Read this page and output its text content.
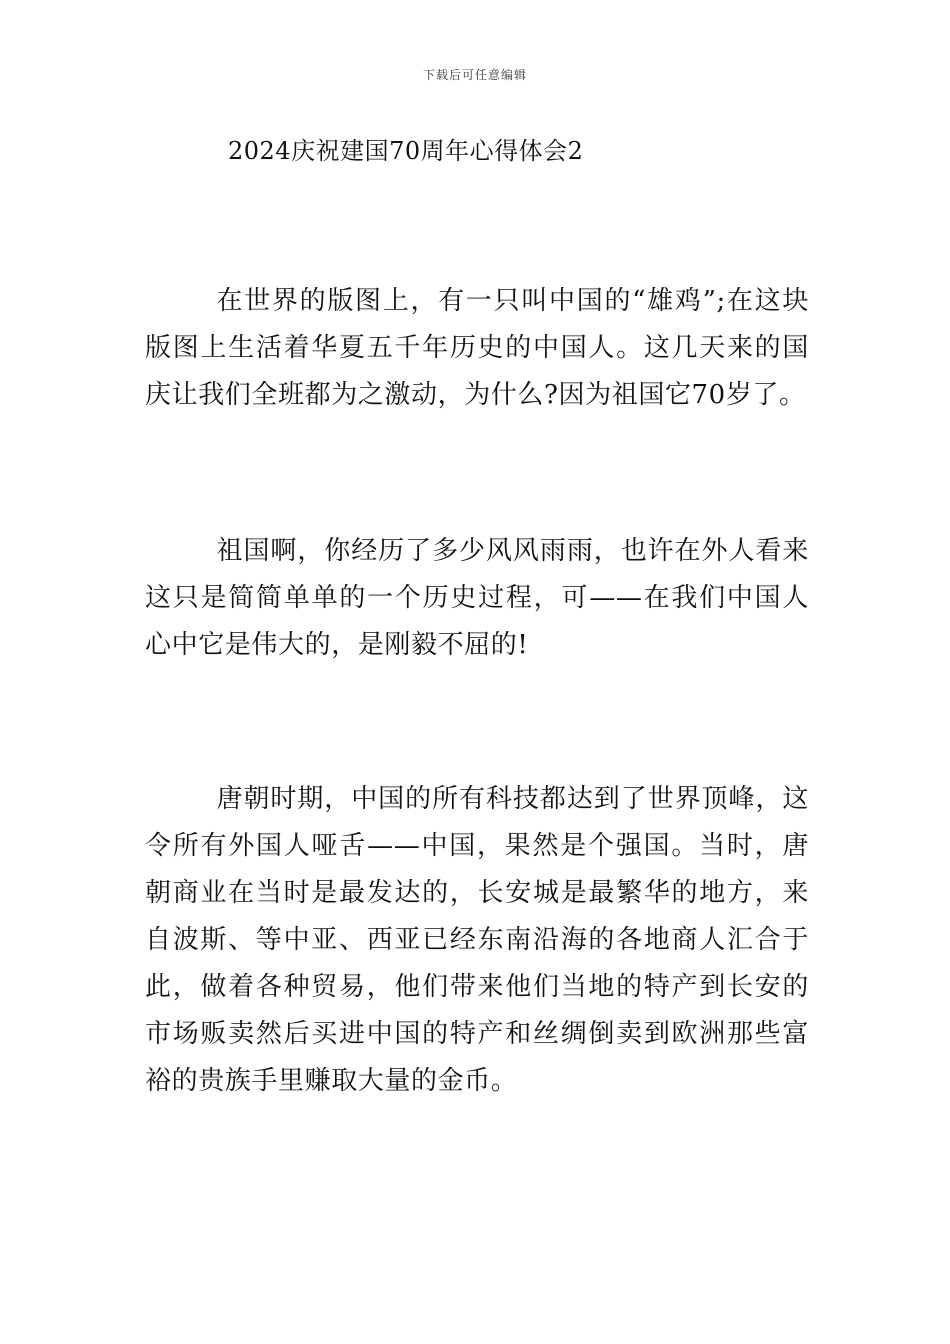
下载后可任意编辑
2024庆祝建国70周年心得体会2

在世界的版图上，有一只叫中国的“雄鸡”;在这块版图上生活着华夏五千年历史的中国人。这几天来的国庆让我们全班都为之激动，为什么?因为祖国它70岁了。

祖国啊，你经历了多少风风雨雨，也许在外人看来这只是简简单单的一个历史过程，可——在我们中国人心中它是伟大的，是刚毅不屈的!

唐朝时期，中国的所有科技都达到了世界顶峰，这令所有外国人哑舌——中国，果然是个强国。当时，唐朝商业在当时是最发达的，长安城是最繁华的地方，来自波斯、等中亚、西亚已经东南沿海的各地商人汇合于此，做着各种贸易，他们带来他们当地的特产到长安的市场贩卖然后买进中国的特产和丝绸倒卖到欧洲那些富裕的贵族手里赚取大量的金币。
